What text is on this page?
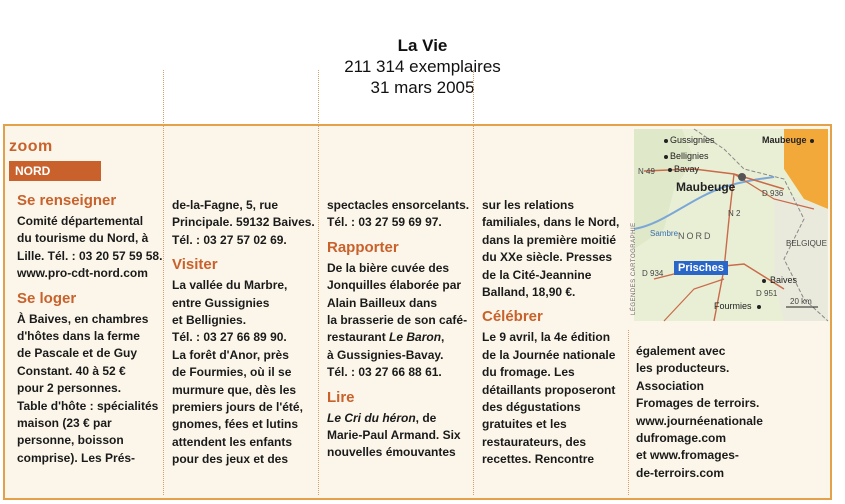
La Vie
211 314 exemplaires
31 mars 2005
zoom
NORD
Se renseigner
Comité départemental
du tourisme du Nord, à
Lille. Tél. : 03 20 57 59 58.
www.pro-cdt-nord.com
Se loger
À Baives, en chambres
d'hôtes dans la ferme
de Pascale et de Guy
Constant. 40 à 52 €
pour 2 personnes.
Table d'hôte : spécialités
maison (23 € par
personne, boisson
comprise). Les Prés-
de-la-Fagne, 5, rue
Principale. 59132 Baives.
Tél. : 03 27 57 02 69.
Visiter
La vallée du Marbre,
entre Gussignies
et Bellignies.
Tél. : 03 27 66 89 90.
La forêt d'Anor, près
de Fourmies, où il se
murmure que, dès les
premiers jours de l'été,
gnomes, fées et lutins
attendent les enfants
pour des jeux et des
spectacles ensorcelants.
Tél. : 03 27 59 69 97.
Rapporter
De la bière cuvée des
Jonquilles élaborée par
Alain Bailleux dans
la brasserie de son café-
restaurant Le Baron,
à Gussignies-Bavay.
Tél. : 03 27 66 88 61.
Lire
Le Cri du héron, de
Marie-Paul Armand. Six
nouvelles émouvantes
sur les relations
familiales, dans le Nord,
dans la première moitié
du XXe siècle. Presses
de la Cité-Jeannine
Balland, 18,90 €.
Célébrer
Le 9 avril, la 4e édition
de la Journée nationale
du fromage. Les
détaillants proposeront
des dégustations
gratuites et les
restaurateurs, des
recettes. Rencontre
également avec
les producteurs.
Association
Fromages de terroirs.
www.journéenationale
dufromage.com
et www.fromages-
de-terroirs.com
Gussignies
Bellignies
Bavay
Maubeuge
Maubeuge
Prisches
Baives
Fourmies
N 49
D 936
N 2
D 934
D 951
NORD
Sambre
BELGIQUE
20 km
LÉGENDES CARTOGRAPHIE
